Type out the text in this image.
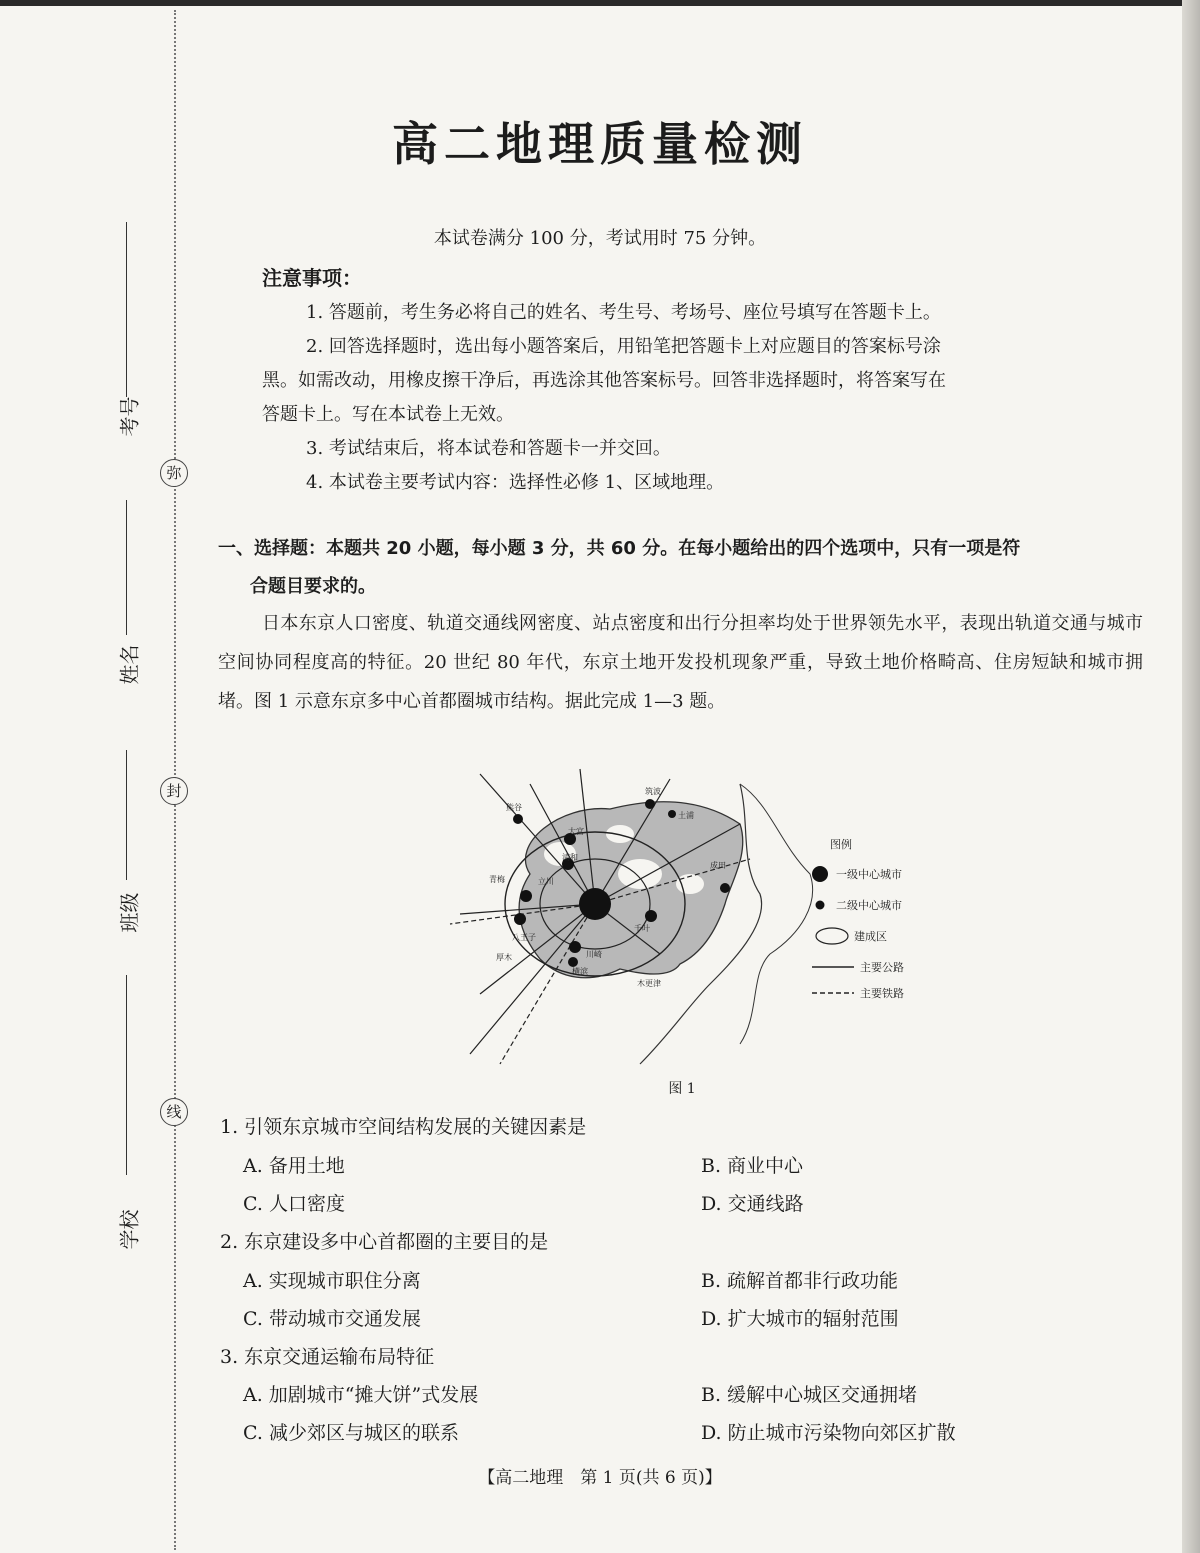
弥
封
线
考号
姓名
班级
学校
高二地理质量检测
本试卷满分 100 分，考试用时 75 分钟。
注意事项：

1. 答题前，考生务必将自己的姓名、考生号、考场号、座位号填写在答题卡上。

2. 回答选择题时，选出每小题答案后，用铅笔把答题卡上对应题目的答案标号涂

黑。如需改动，用橡皮擦干净后，再选涂其他答案标号。回答非选择题时，将答案写在

答题卡上。写在本试卷上无效。

3. 考试结束后，将本试卷和答题卡一并交回。

4. 本试卷主要考试内容：选择性必修 1、区域地理。

一、选择题：本题共 20 小题，每小题 3 分，共 60 分。在每小题给出的四个选项中，只有一项是符
合题目要求的。
日本东京人口密度、轨道交通线网密度、站点密度和出行分担率均处于世界领先水平，表现出轨道交通与城市空间协同程度高的特征。20 世纪 80 年代，东京土地开发投机现象严重，导致土地价格畸高、住房短缺和城市拥堵。图 1 示意东京多中心首都圈城市结构。据此完成 1—3 题。
熊谷
筑波
土浦
大宫
浦和
青梅	立川
成田
八王子
千叶
川崎
厚木
横滨
木更津
图例
一级中心城市
二级中心城市
建成区
主要公路
主要铁路
图 1
1. 引领东京城市空间结构发展的关键因素是
A. 备用土地	B. 商业中心
C. 人口密度	D. 交通线路
2. 东京建设多中心首都圈的主要目的是
A. 实现城市职住分离	B. 疏解首都非行政功能
C. 带动城市交通发展	D. 扩大城市的辐射范围
3. 东京交通运输布局特征
A. 加剧城市“摊大饼”式发展	B. 缓解中心城区交通拥堵
C. 减少郊区与城区的联系	D. 防止城市污染物向郊区扩散
【高二地理　第 1 页(共 6 页)】
